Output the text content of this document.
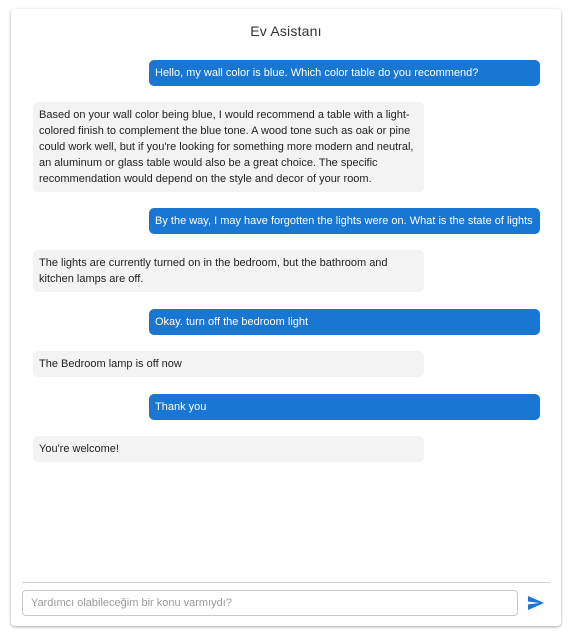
Ev Asistanı
Hello, my wall color is blue. Which color table do you recommend?
Based on your wall color being blue, I would recommend a table with a light-colored finish to complement the blue tone. A wood tone such as oak or pine could work well, but if you're looking for something more modern and neutral, an aluminum or glass table would also be a great choice. The specific recommendation would depend on the style and decor of your room.
By the way, I may have forgotten the lights were on. What is the state of lights
The lights are currently turned on in the bedroom, but the bathroom and kitchen lamps are off.
Okay. turn off the bedroom light
The Bedroom lamp is off now
Thank you
You're welcome!
Yardımcı olabileceğim bir konu varmıydı?
